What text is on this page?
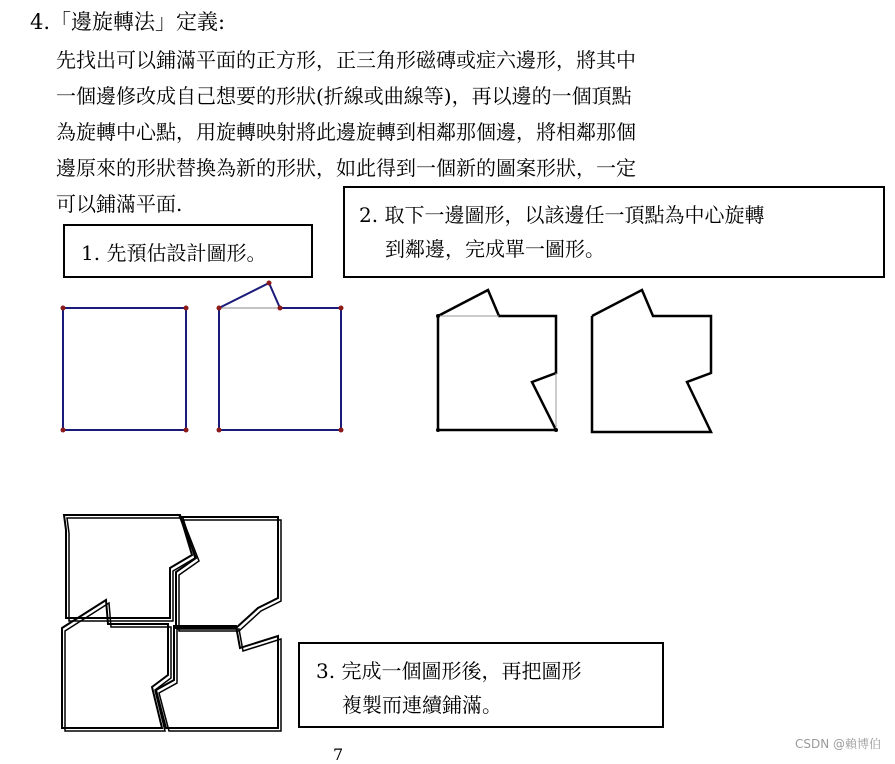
4.「邊旋轉法」定義:
先找出可以鋪滿平面的正方形，正三角形磁磚或症六邊形，將其中
一個邊修改成自己想要的形狀(折線或曲線等)，再以邊的一個頂點
為旋轉中心點，用旋轉映射將此邊旋轉到相鄰那個邊，將相鄰那個
邊原來的形狀替換為新的形狀，如此得到一個新的圖案形狀，一定
可以鋪滿平面.
1. 先預估設計圖形。
2. 取下一邊圖形，以該邊任一頂點為中心旋轉
到鄰邊，完成單一圖形。
3. 完成一個圖形後，再把圖形
複製而連續鋪滿。
7
CSDN @賴博伯
